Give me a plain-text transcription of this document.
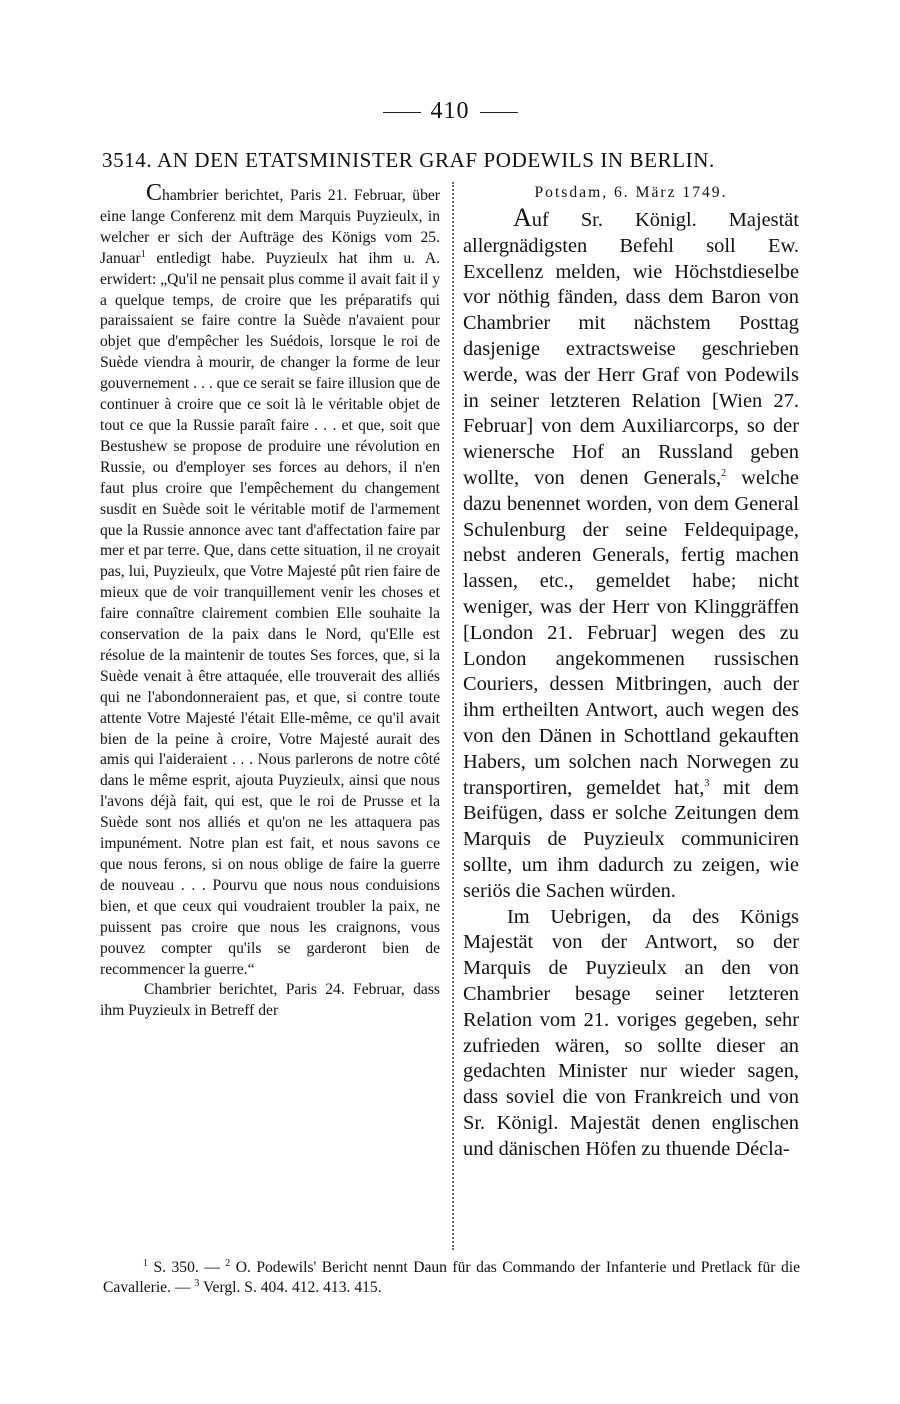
410
3514. AN DEN ETATSMINISTER GRAF PODEWILS IN BERLIN.

Chambrier berichtet, Paris 21. Februar, über eine lange Conferenz mit dem Marquis Puyzieulx, in welcher er sich der Aufträge des Königs vom 25. Januar$^1$ entledigt habe. Puyzieulx hat ihm u. A. erwidert: „Qu'il ne pensait plus comme il avait fait il y a quelque temps, de croire que les préparatifs qui paraissaient se faire contre la Suède n'avaient pour objet que d'empêcher les Suédois, lorsque le roi de Suède viendra à mourir, de changer la forme de leur gouvernement . . . que ce serait se faire illusion que de continuer à croire que ce soit là le véritable objet de tout ce que la Russie paraît faire . . . et que, soit que Bestushew se propose de produire une révolution en Russie, ou d'employer ses forces au dehors, il n'en faut plus croire que l'empêchement du changement susdit en Suède soit le véritable motif de l'armement que la Russie annonce avec tant d'affectation faire par mer et par terre. Que, dans cette situation, il ne croyait pas, lui, Puyzieulx, que Votre Majesté pût rien faire de mieux que de voir tranquillement venir les choses et faire connaître clairement combien Elle souhaite la conservation de la paix dans le Nord, qu'Elle est résolue de la maintenir de toutes Ses forces, que, si la Suède venait à être attaquée, elle trouverait des alliés qui ne l'abondonneraient pas, et que, si contre toute attente Votre Majesté l'était Elle-même, ce qu'il avait bien de la peine à croire, Votre Majesté aurait des amis qui l'aideraient . . . Nous parlerons de notre côté dans le même esprit, ajouta Puyzieulx, ainsi que nous l'avons déjà fait, qui est, que le roi de Prusse et la Suède sont nos alliés et qu'on ne les attaquera pas impunément. Notre plan est fait, et nous savons ce que nous ferons, si on nous oblige de faire la guerre de nouveau . . . Pourvu que nous nous conduisions bien, et que ceux qui voudraient troubler la paix, ne puissent pas croire que nous les craignons, vous pouvez compter qu'ils se garderont bien de recommencer la guerre.“

Chambrier berichtet, Paris 24. Februar, dass ihm Puyzieulx in Betreff der

Potsdam, 6. März 1749.

Auf Sr. Königl. Majestät allergnädigsten Befehl soll Ew. Excellenz melden, wie Höchstdieselbe vor nöthig fänden, dass dem Baron von Chambrier mit nächstem Posttag dasjenige extractsweise geschrieben werde, was der Herr Graf von Podewils in seiner letzteren Relation [Wien 27. Februar] von dem Auxiliarcorps, so der wienersche Hof an Russland geben wollte, von denen Generals,$^2$ welche dazu benennet worden, von dem General Schulenburg der seine Feldequipage, nebst anderen Generals, fertig machen lassen, etc., gemeldet habe; nicht weniger, was der Herr von Klinggräffen [London 21. Februar] wegen des zu London angekommenen russischen Couriers, dessen Mitbringen, auch der ihm ertheilten Antwort, auch wegen des von den Dänen in Schottland gekauften Habers, um solchen nach Norwegen zu transportiren, gemeldet hat,$^3$ mit dem Beifügen, dass er solche Zeitungen dem Marquis de Puyzieulx communiciren sollte, um ihm dadurch zu zeigen, wie seriös die Sachen würden.

Im Uebrigen, da des Königs Majestät von der Antwort, so der Marquis de Puyzieulx an den von Chambrier besage seiner letzteren Relation vom 21. voriges gegeben, sehr zufrieden wären, so sollte dieser an gedachten Minister nur wieder sagen, dass soviel die von Frankreich und von Sr. Königl. Majestät denen englischen und dänischen Höfen zu thuende Décla-

$^1$ S. 350. — $^2$ O. Podewils' Bericht nennt Daun für das Commando der Infanterie und Pretlack für die Cavallerie. — $^3$ Vergl. S. 404. 412. 413. 415.
